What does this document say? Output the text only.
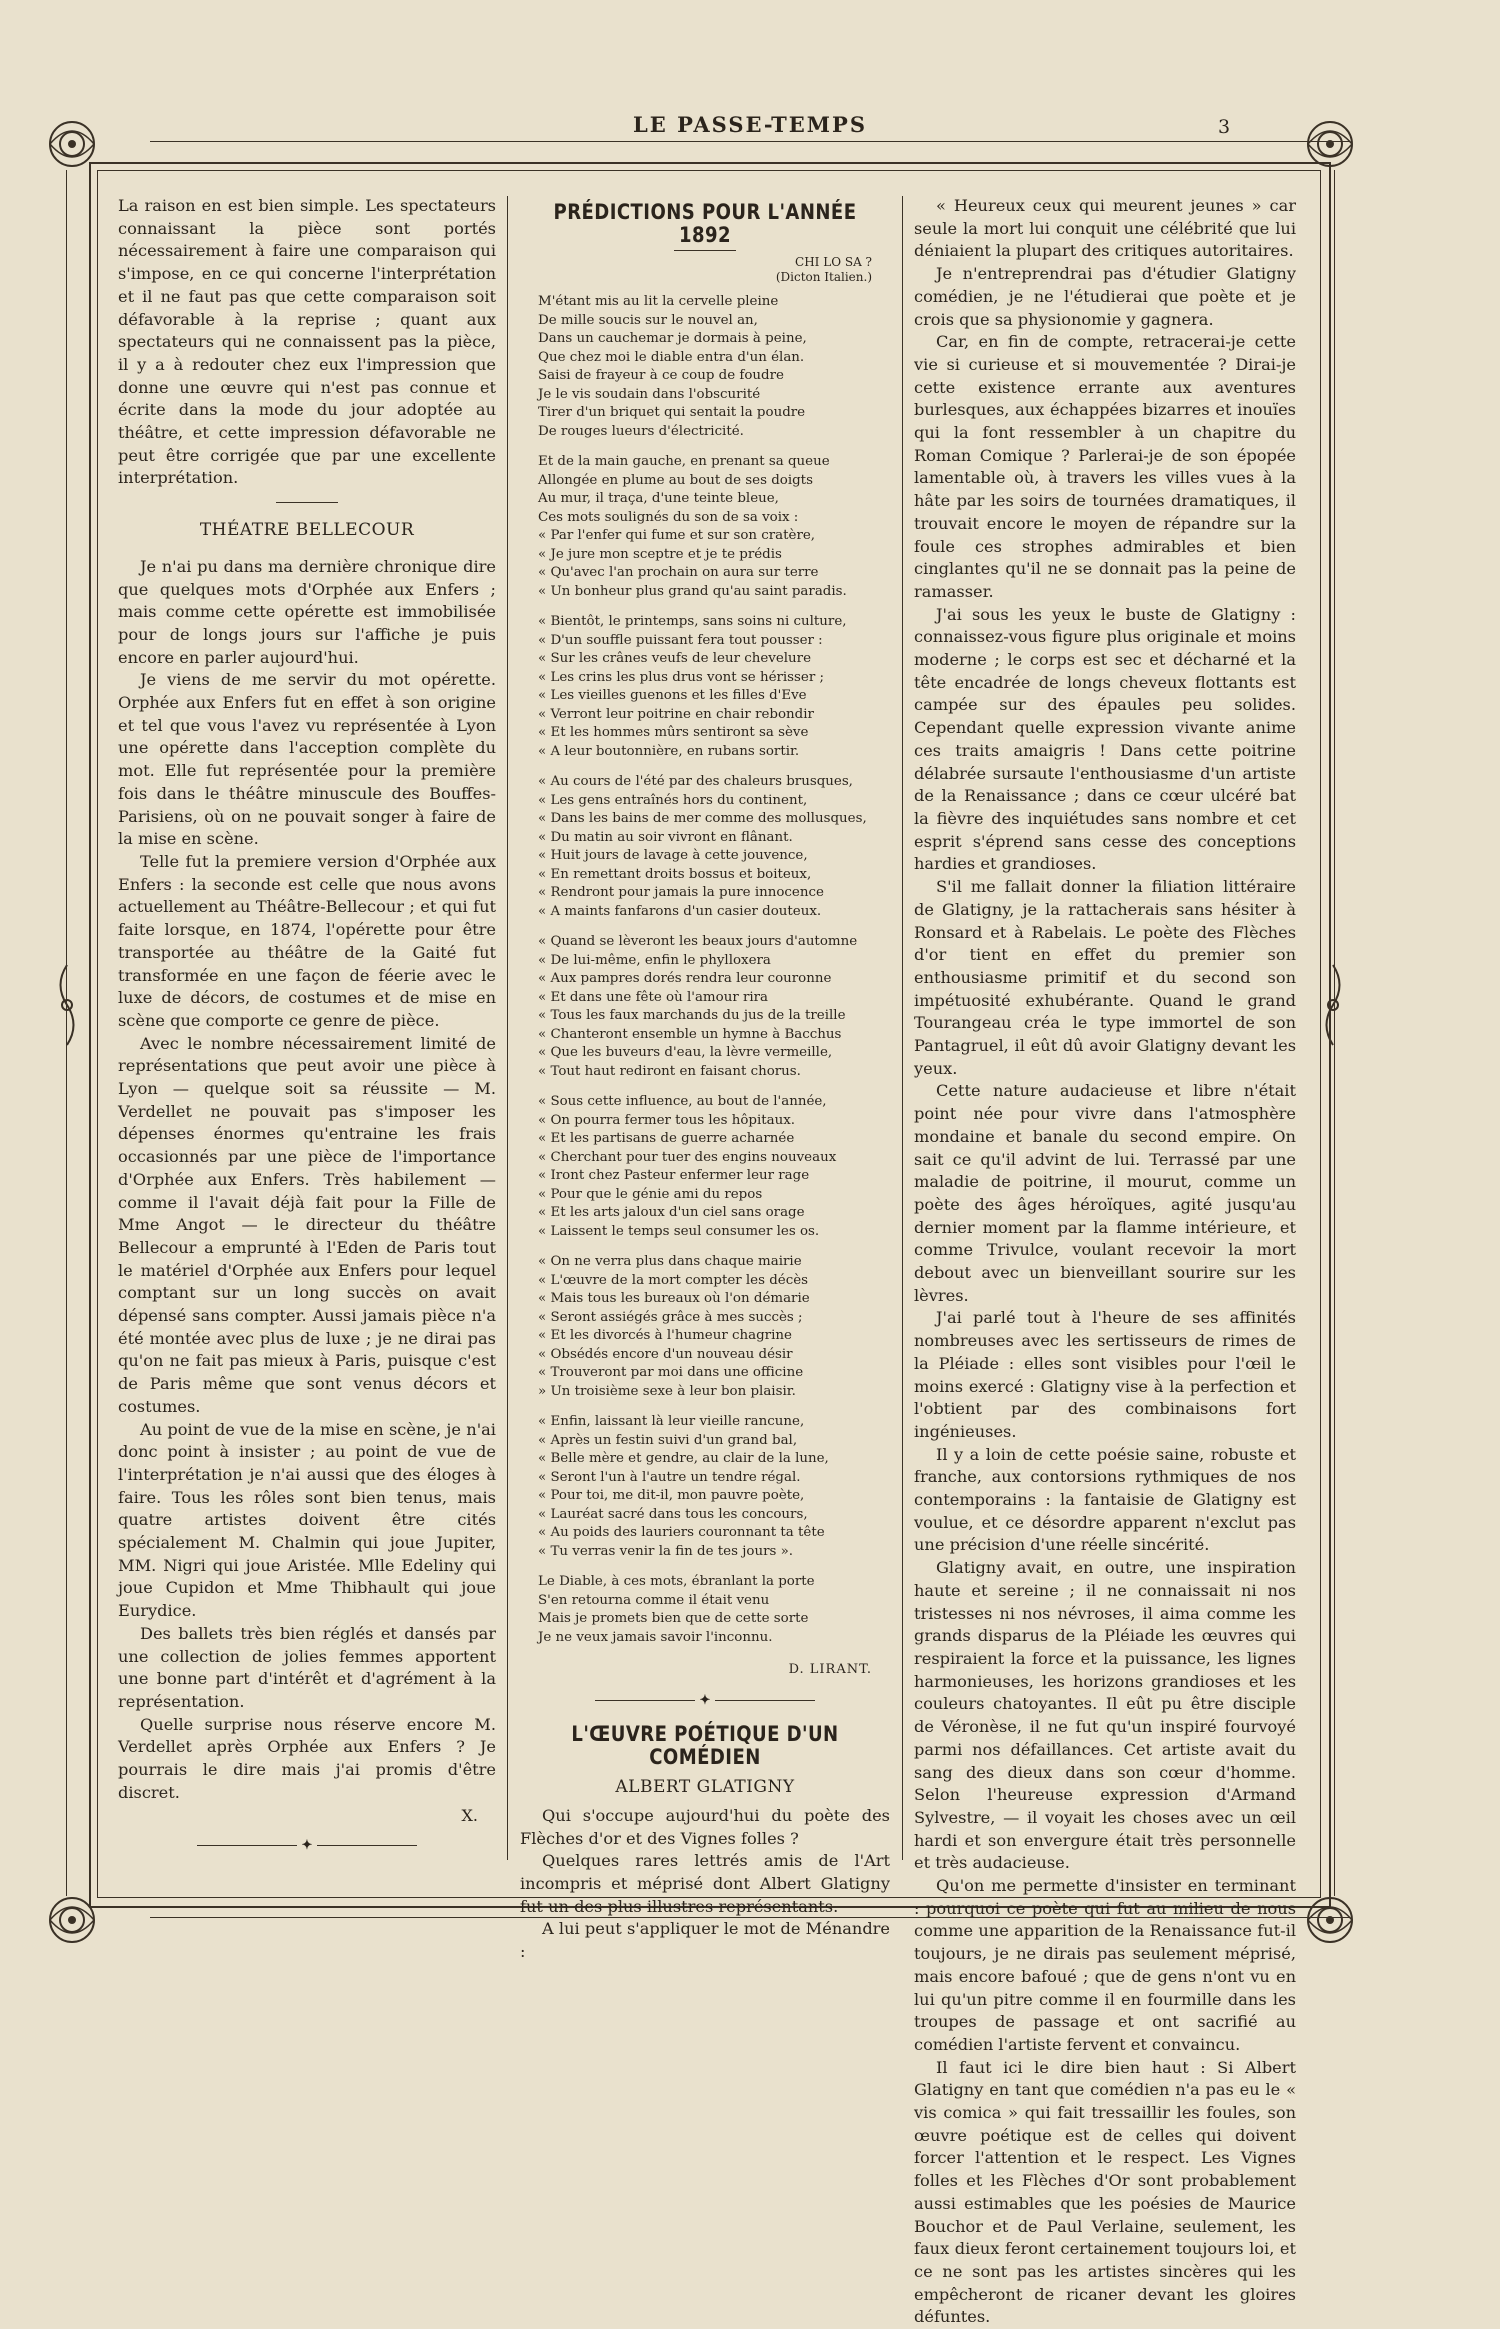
LE PASSE-TEMPS	3

La raison en est bien simple. Les spectateurs connaissant la pièce sont portés nécessairement à faire une comparaison qui s'impose, en ce qui concerne l'interprétation et il ne faut pas que cette comparaison soit défavorable à la reprise ; quant aux spectateurs qui ne connaissent pas la pièce, il y a à redouter chez eux l'impression que donne une œuvre qui n'est pas connue et écrite dans la mode du jour adoptée au théâtre, et cette impression défavorable ne peut être corrigée que par une excellente interprétation.

THÉATRE BELLECOUR

Je n'ai pu dans ma dernière chronique dire que quelques mots d'Orphée aux Enfers ; mais comme cette opérette est immobilisée pour de longs jours sur l'affiche je puis encore en parler aujourd'hui.

Je viens de me servir du mot opérette. Orphée aux Enfers fut en effet à son origine et tel que vous l'avez vu représentée à Lyon une opérette dans l'acception complète du mot. Elle fut représentée pour la première fois dans le théâtre minuscule des Bouffes-Parisiens, où on ne pouvait songer à faire de la mise en scène.

Telle fut la premiere version d'Orphée aux Enfers : la seconde est celle que nous avons actuellement au Théâtre-Bellecour ; et qui fut faite lorsque, en 1874, l'opérette pour être transportée au théâtre de la Gaité fut transformée en une façon de féerie avec le luxe de décors, de costumes et de mise en scène que comporte ce genre de pièce.

Avec le nombre nécessairement limité de représentations que peut avoir une pièce à Lyon — quelque soit sa réussite — M. Verdellet ne pouvait pas s'imposer les dépenses énormes qu'entraine les frais occasionnés par une pièce de l'importance d'Orphée aux Enfers. Très habilement — comme il l'avait déjà fait pour la Fille de Mme Angot — le directeur du théâtre Bellecour a emprunté à l'Eden de Paris tout le matériel d'Orphée aux Enfers pour lequel comptant sur un long succès on avait dépensé sans compter. Aussi jamais pièce n'a été montée avec plus de luxe ; je ne dirai pas qu'on ne fait pas mieux à Paris, puisque c'est de Paris même que sont venus décors et costumes.

Au point de vue de la mise en scène, je n'ai donc point à insister ; au point de vue de l'interprétation je n'ai aussi que des éloges à faire. Tous les rôles sont bien tenus, mais quatre artistes doivent être cités spécialement M. Chalmin qui joue Jupiter, MM. Nigri qui joue Aristée. Mlle Edeliny qui joue Cupidon et Mme Thibhault qui joue Eurydice.

Des ballets très bien réglés et dansés par une collection de jolies femmes apportent une bonne part d'intérêt et d'agrément à la représentation.

Quelle surprise nous réserve encore M. Verdellet après Orphée aux Enfers ? Je pourrais le dire mais j'ai promis d'être discret.

X.
✦
PRÉDICTIONS POUR L'ANNÉE 1892
CHI LO SA ?
(Dicton Italien.)
M'étant mis au lit la cervelle pleine
De mille soucis sur le nouvel an,
Dans un cauchemar je dormais à peine,
Que chez moi le diable entra d'un élan.
Saisi de frayeur à ce coup de foudre
Je le vis soudain dans l'obscurité
Tirer d'un briquet qui sentait la poudre
De rouges lueurs d'électricité.
Et de la main gauche, en prenant sa queue
Allongée en plume au bout de ses doigts
Au mur, il traça, d'une teinte bleue,
Ces mots soulignés du son de sa voix :
« Par l'enfer qui fume et sur son cratère,
« Je jure mon sceptre et je te prédis
« Qu'avec l'an prochain on aura sur terre
« Un bonheur plus grand qu'au saint paradis.
« Bientôt, le printemps, sans soins ni culture,
« D'un souffle puissant fera tout pousser :
« Sur les crânes veufs de leur chevelure
« Les crins les plus drus vont se hérisser ;
« Les vieilles guenons et les filles d'Eve
« Verront leur poitrine en chair rebondir
« Et les hommes mûrs sentiront sa sève
« A leur boutonnière, en rubans sortir.
« Au cours de l'été par des chaleurs brusques,
« Les gens entraînés hors du continent,
« Dans les bains de mer comme des mollusques,
« Du matin au soir vivront en flânant.
« Huit jours de lavage à cette jouvence,
« En remettant droits bossus et boiteux,
« Rendront pour jamais la pure innocence
« A maints fanfarons d'un casier douteux.
« Quand se lèveront les beaux jours d'automne
« De lui-même, enfin le phylloxera
« Aux pampres dorés rendra leur couronne
« Et dans une fête où l'amour rira
« Tous les faux marchands du jus de la treille
« Chanteront ensemble un hymne à Bacchus
« Que les buveurs d'eau, la lèvre vermeille,
« Tout haut rediront en faisant chorus.
« Sous cette influence, au bout de l'année,
« On pourra fermer tous les hôpitaux.
« Et les partisans de guerre acharnée
« Cherchant pour tuer des engins nouveaux
« Iront chez Pasteur enfermer leur rage
« Pour que le génie ami du repos
« Et les arts jaloux d'un ciel sans orage
« Laissent le temps seul consumer les os.
« On ne verra plus dans chaque mairie
« L'œuvre de la mort compter les décès
« Mais tous les bureaux où l'on démarie
« Seront assiégés grâce à mes succès ;
« Et les divorcés à l'humeur chagrine
« Obsédés encore d'un nouveau désir
« Trouveront par moi dans une officine
» Un troisième sexe à leur bon plaisir.
« Enfin, laissant là leur vieille rancune,
« Après un festin suivi d'un grand bal,
« Belle mère et gendre, au clair de la lune,
« Seront l'un à l'autre un tendre régal.
« Pour toi, me dit-il, mon pauvre poète,
« Lauréat sacré dans tous les concours,
« Au poids des lauriers couronnant ta tête
« Tu verras venir la fin de tes jours ».
Le Diable, à ces mots, ébranlant la porte
S'en retourna comme il était venu
Mais je promets bien que de cette sorte
Je ne veux jamais savoir l'inconnu.
D. LIRANT.
✦
L'ŒUVRE POÉTIQUE D'UN COMÉDIEN
ALBERT GLATIGNY

Qui s'occupe aujourd'hui du poète des Flèches d'or et des Vignes folles ?

Quelques rares lettrés amis de l'Art incompris et méprisé dont Albert Glatigny fut un des plus illustres représentants.

A lui peut s'appliquer le mot de Ménandre :

« Heureux ceux qui meurent jeunes » car seule la mort lui conquit une célébrité que lui déniaient la plupart des critiques autoritaires.

Je n'entreprendrai pas d'étudier Glatigny comédien, je ne l'étudierai que poète et je crois que sa physionomie y gagnera.

Car, en fin de compte, retracerai-je cette vie si curieuse et si mouvementée ? Dirai-je cette existence errante aux aventures burlesques, aux échappées bizarres et inouïes qui la font ressembler à un chapitre du Roman Comique ? Parlerai-je de son épopée lamentable où, à travers les villes vues à la hâte par les soirs de tournées dramatiques, il trouvait encore le moyen de répandre sur la foule ces strophes admirables et bien cinglantes qu'il ne se donnait pas la peine de ramasser.

J'ai sous les yeux le buste de Glatigny : connaissez-vous figure plus originale et moins moderne ; le corps est sec et décharné et la tête encadrée de longs cheveux flottants est campée sur des épaules peu solides. Cependant quelle expression vivante anime ces traits amaigris ! Dans cette poitrine délabrée sursaute l'enthousiasme d'un artiste de la Renaissance ; dans ce cœur ulcéré bat la fièvre des inquiétudes sans nombre et cet esprit s'éprend sans cesse des conceptions hardies et grandioses.

S'il me fallait donner la filiation littéraire de Glatigny, je la rattacherais sans hésiter à Ronsard et à Rabelais. Le poète des Flèches d'or tient en effet du premier son enthousiasme primitif et du second son impétuosité exhubérante. Quand le grand Tourangeau créa le type immortel de son Pantagruel, il eût dû avoir Glatigny devant les yeux.

Cette nature audacieuse et libre n'était point née pour vivre dans l'atmosphère mondaine et banale du second empire. On sait ce qu'il advint de lui. Terrassé par une maladie de poitrine, il mourut, comme un poète des âges héroïques, agité jusqu'au dernier moment par la flamme intérieure, et comme Trivulce, voulant recevoir la mort debout avec un bienveillant sourire sur les lèvres.

J'ai parlé tout à l'heure de ses affinités nombreuses avec les sertisseurs de rimes de la Pléiade : elles sont visibles pour l'œil le moins exercé : Glatigny vise à la perfection et l'obtient par des combinaisons fort ingénieuses.

Il y a loin de cette poésie saine, robuste et franche, aux contorsions rythmiques de nos contemporains : la fantaisie de Glatigny est voulue, et ce désordre apparent n'exclut pas une précision d'une réelle sincérité.

Glatigny avait, en outre, une inspiration haute et sereine ; il ne connaissait ni nos tristesses ni nos névroses, il aima comme les grands disparus de la Pléiade les œuvres qui respiraient la force et la puissance, les lignes harmonieuses, les horizons grandioses et les couleurs chatoyantes. Il eût pu être disciple de Véronèse, il ne fut qu'un inspiré fourvoyé parmi nos défaillances. Cet artiste avait du sang des dieux dans son cœur d'homme. Selon l'heureuse expression d'Armand Sylvestre, — il voyait les choses avec un œil hardi et son envergure était très personnelle et très audacieuse.

Qu'on me permette d'insister en terminant : pourquoi ce poète qui fut au milieu de nous comme une apparition de la Renaissance fut-il toujours, je ne dirais pas seulement méprisé, mais encore bafoué ; que de gens n'ont vu en lui qu'un pitre comme il en fourmille dans les troupes de passage et ont sacrifié au comédien l'artiste fervent et convaincu.

Il faut ici le dire bien haut : Si Albert Glatigny en tant que comédien n'a pas eu le « vis comica » qui fait tressaillir les foules, son œuvre poétique est de celles qui doivent forcer l'attention et le respect. Les Vignes folles et les Flèches d'Or sont probablement aussi estimables que les poésies de Maurice Bouchor et de Paul Verlaine, seulement, les faux dieux feront certainement toujours loi, et ce ne sont pas les artistes sincères qui les empêcheront de ricaner devant les gloires défuntes.
